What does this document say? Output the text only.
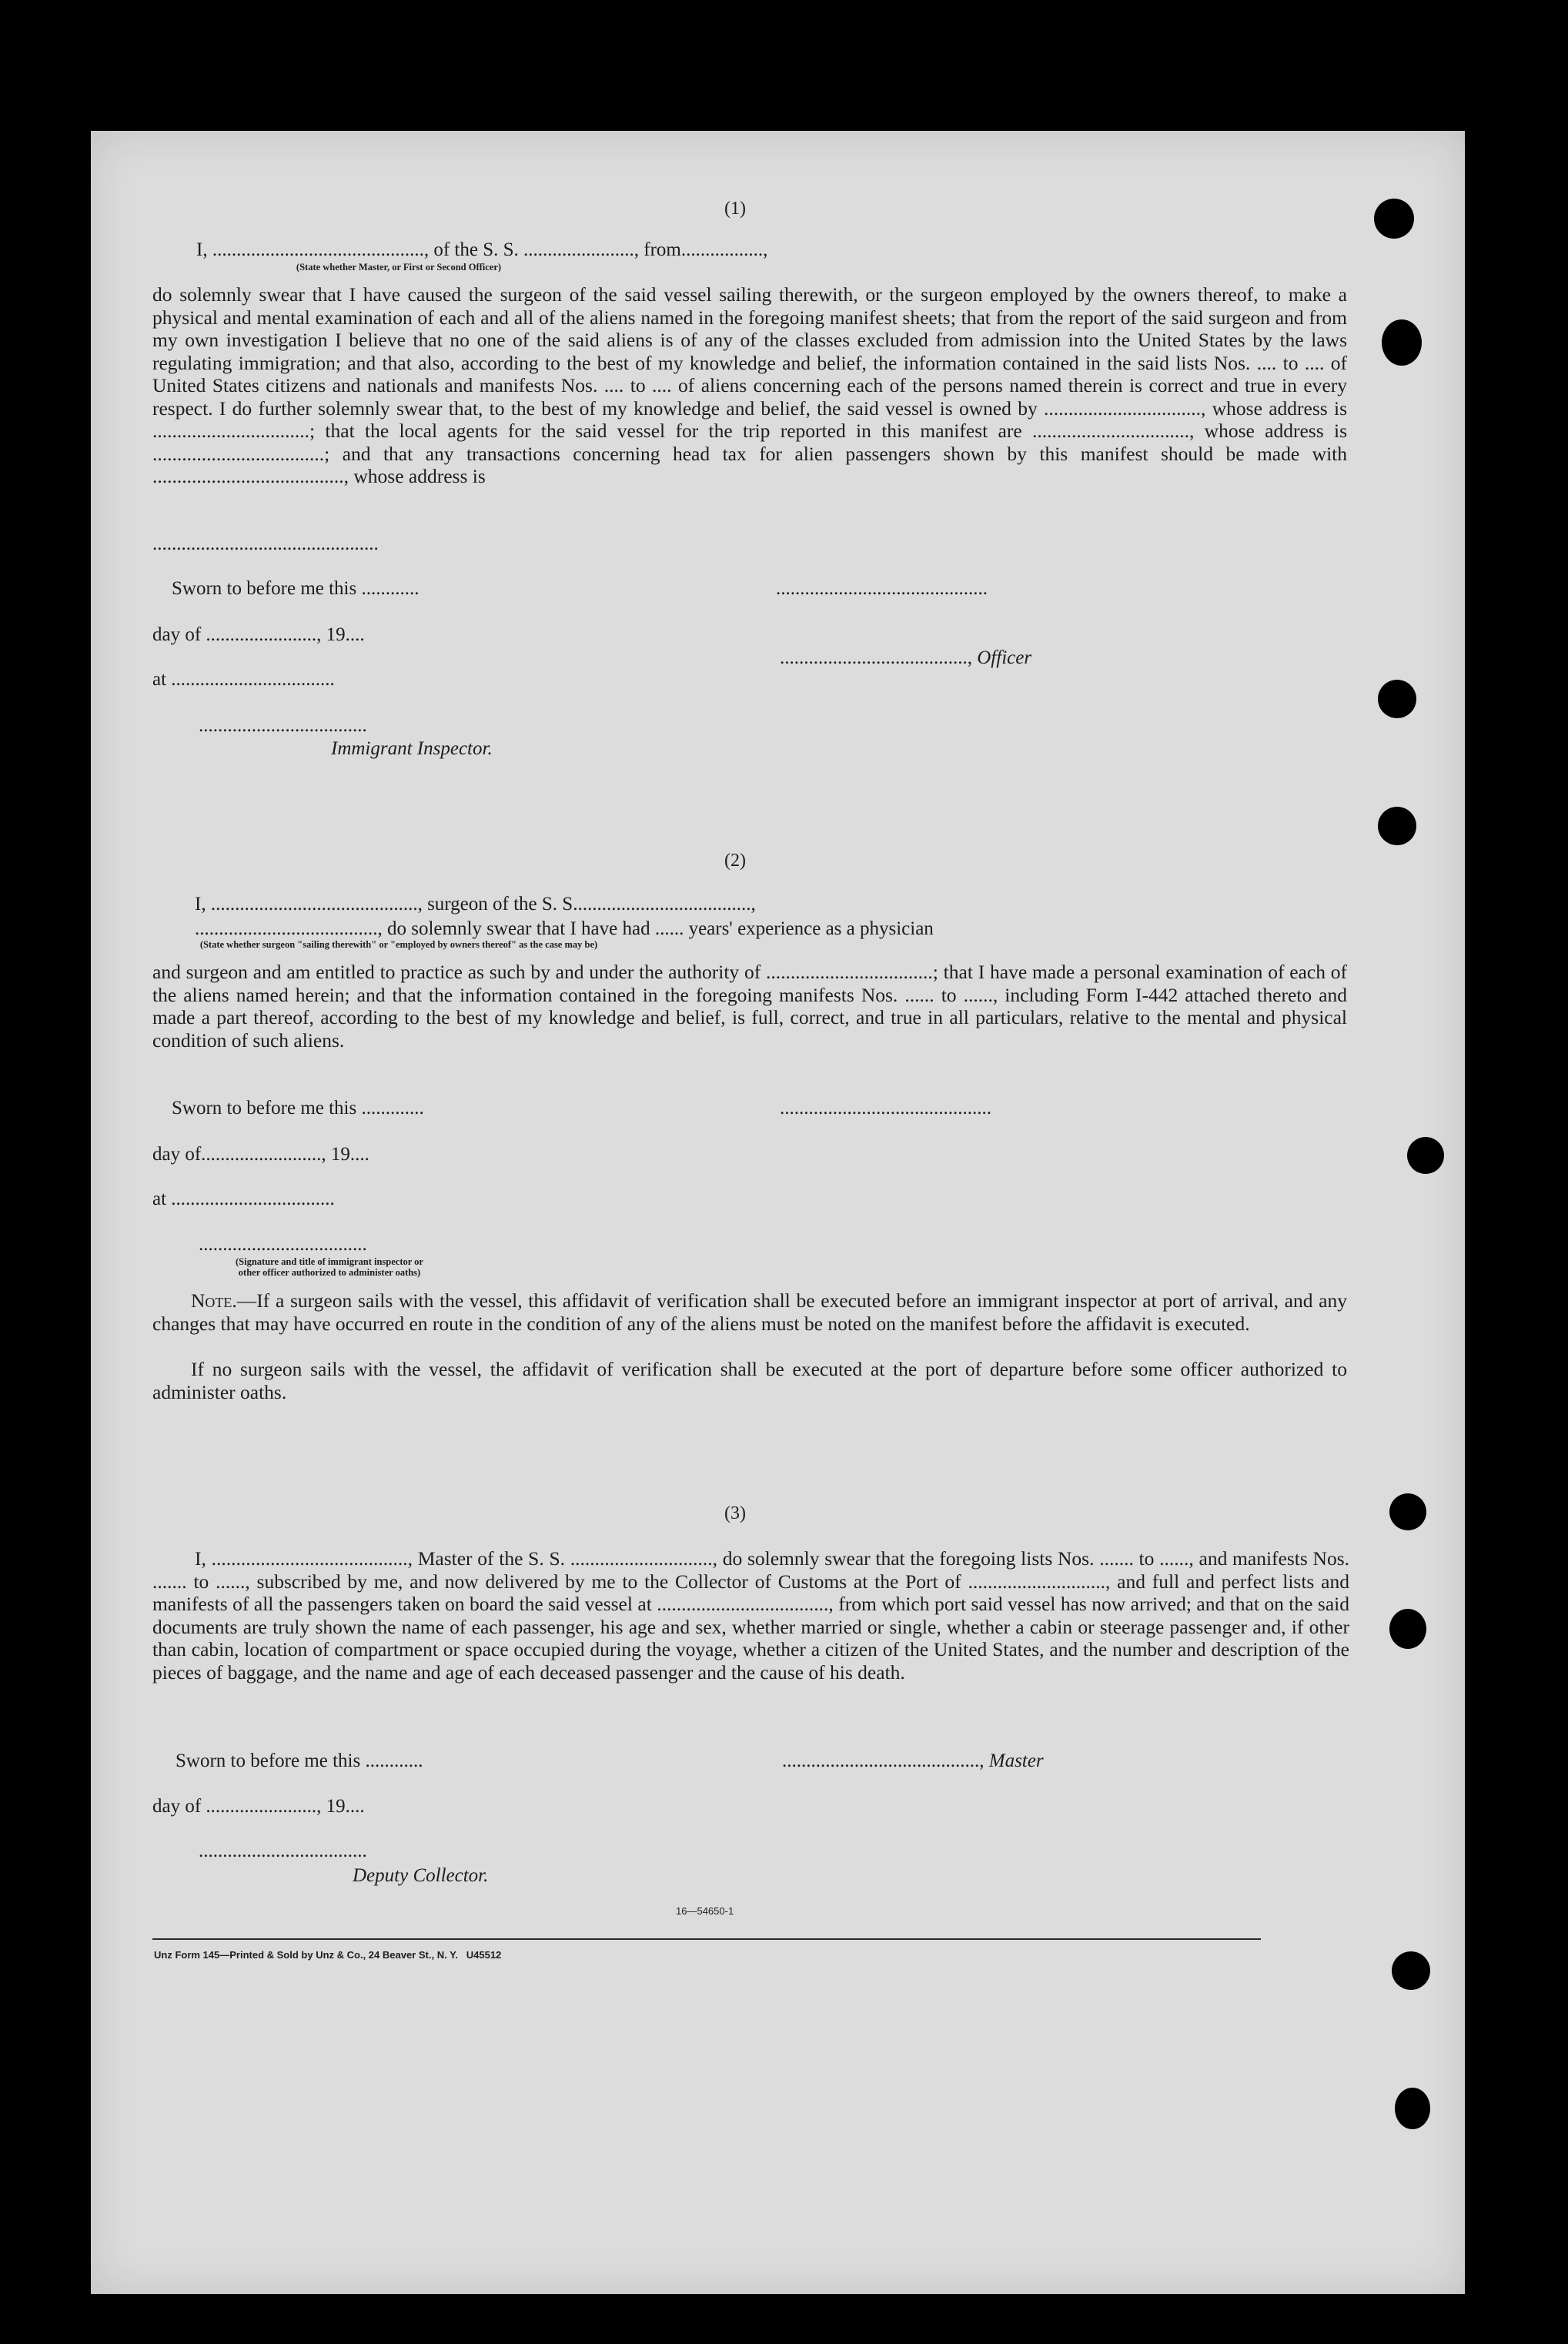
(1)
I, ............................................, of the S. S. ......................., from.................,
(State whether Master, or First or Second Officer)
do solemnly swear that I have caused the surgeon of the said vessel sailing therewith, or the surgeon employed by the owners thereof, to make a physical and mental examination of each and all of the aliens named in the foregoing manifest sheets; that from the report of the said surgeon and from my own investigation I believe that no one of the said aliens is of any of the classes excluded from admission into the United States by the laws regulating immigration; and that also, according to the best of my knowledge and belief, the information contained in the said lists Nos. .... to .... of United States citizens and nationals and manifests Nos. .... to .... of aliens concerning each of the persons named therein is correct and true in every respect. I do further solemnly swear that, to the best of my knowledge and belief, the said vessel is owned by ................................, whose address is ................................; that the local agents for the said vessel for the trip reported in this manifest are ................................, whose address is ...................................; and that any transactions concerning head tax for alien passengers shown by this manifest should be made with ......................................., whose address is
...............................................
Sworn to before me this ............	............................................
day of ......................., 19....
......................................., Officer
at ..................................
...................................
Immigrant Inspector.
(2)
I, ..........................................., surgeon of the S. S.....................................,
......................................, do solemnly swear that I have had ...... years' experience as a physician
(State whether surgeon "sailing therewith" or "employed by owners thereof" as the case may be)
and surgeon and am entitled to practice as such by and under the authority of ..................................; that I have made a personal examination of each of the aliens named herein; and that the information contained in the foregoing manifests Nos. ...... to ......, including Form I-442 attached thereto and made a part thereof, according to the best of my knowledge and belief, is full, correct, and true in all particulars, relative to the mental and physical condition of such aliens.
Sworn to before me this .............	............................................
day of........................., 19....
at ..................................
...................................
(Signature and title of immigrant inspector or
other officer authorized to administer oaths)
Note.—If a surgeon sails with the vessel, this affidavit of verification shall be executed before an immigrant inspector at port of arrival, and any changes that may have occurred en route in the condition of any of the aliens must be noted on the manifest before the affidavit is executed.
If no surgeon sails with the vessel, the affidavit of verification shall be executed at the port of departure before some officer authorized to administer oaths.
(3)
I, ........................................, Master of the S. S. ............................., do solemnly swear that the foregoing lists Nos. ....... to ......, and manifests Nos. ....... to ......, subscribed by me, and now delivered by me to the Collector of Customs at the Port of ............................, and full and perfect lists and manifests of all the passengers taken on board the said vessel at ..................................., from which port said vessel has now arrived; and that on the said documents are truly shown the name of each passenger, his age and sex, whether married or single, whether a cabin or steerage passenger and, if other than cabin, location of compartment or space occupied during the voyage, whether a citizen of the United States, and the number and description of the pieces of baggage, and the name and age of each deceased passenger and the cause of his death.
Sworn to before me this ............	........................................., Master
day of ......................., 19....
...................................
Deputy Collector.
16—54650-1
Unz Form 145—Printed & Sold by Unz & Co., 24 Beaver St., N. Y.   U45512
